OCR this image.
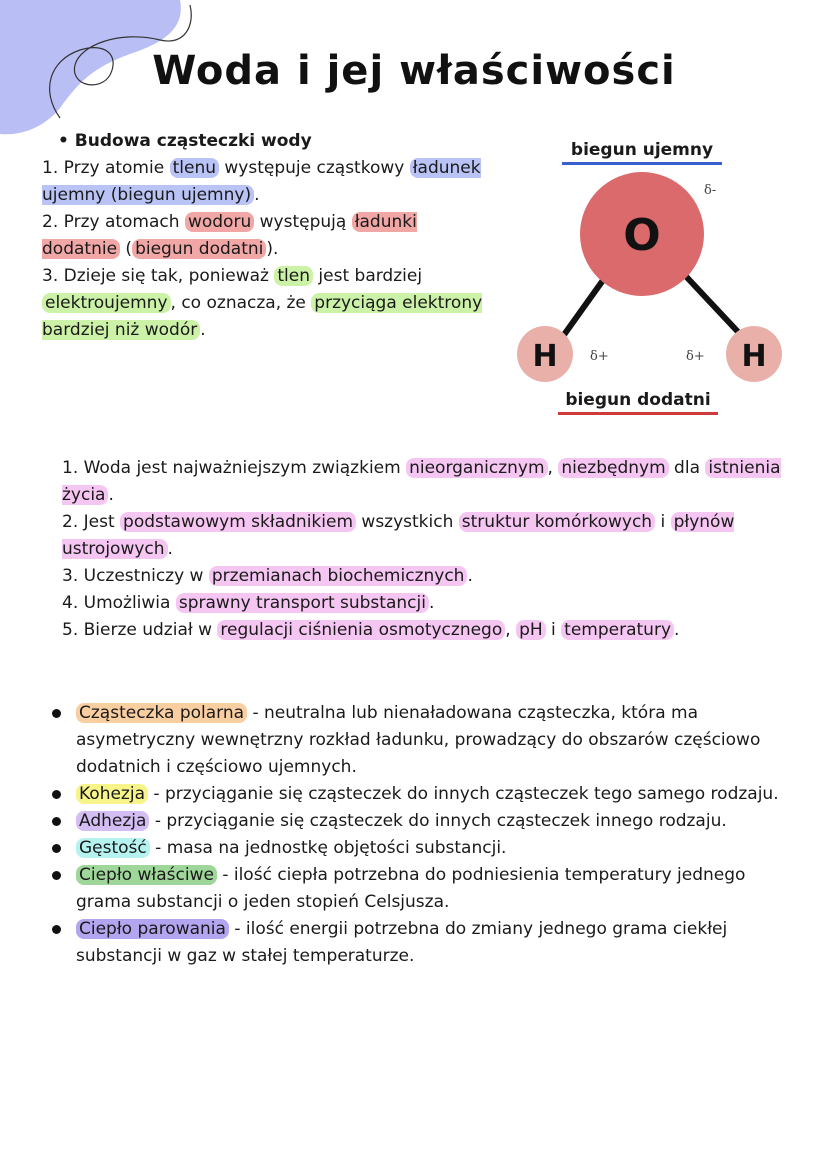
Woda i jej właściwości
• Budowa cząsteczki wody
1. Przy atomie tlenu występuje cząstkowy ładunek ujemny (biegun ujemny) .
2. Przy atomach wodoru występują ładunki dodatnie ( biegun dodatni ).
3. Dzieje się tak, ponieważ tlen jest bardziej elektroujemny , co oznacza, że przyciąga elektrony bardziej niż wodór .
biegun ujemny
biegun dodatni
O
H	H
δ-
δ+	δ+
1. Woda jest najważniejszym związkiem nieorganicznym , niezbędnym dla istnienia życia .
2. Jest podstawowym składnikiem wszystkich struktur komórkowych i płynów ustrojowych .
3. Uczestniczy w przemianach biochemicznych .
4. Umożliwia sprawny transport substancji .
5. Bierze udział w regulacji ciśnienia osmotycznego , pH i temperatury .
Cząsteczka polarna - neutralna lub nienaładowana cząsteczka, która ma asymetryczny wewnętrzny rozkład ładunku, prowadzący do obszarów częściowo dodatnich i częściowo ujemnych.
Kohezja - przyciąganie się cząsteczek do innych cząsteczek tego samego rodzaju.
Adhezja - przyciąganie się cząsteczek do innych cząsteczek innego rodzaju.
Gęstość - masa na jednostkę objętości substancji.
Ciepło właściwe - ilość ciepła potrzebna do podniesienia temperatury jednego grama substancji o jeden stopień Celsjusza.
Ciepło parowania - ilość energii potrzebna do zmiany jednego grama ciekłej substancji w gaz w stałej temperaturze.
